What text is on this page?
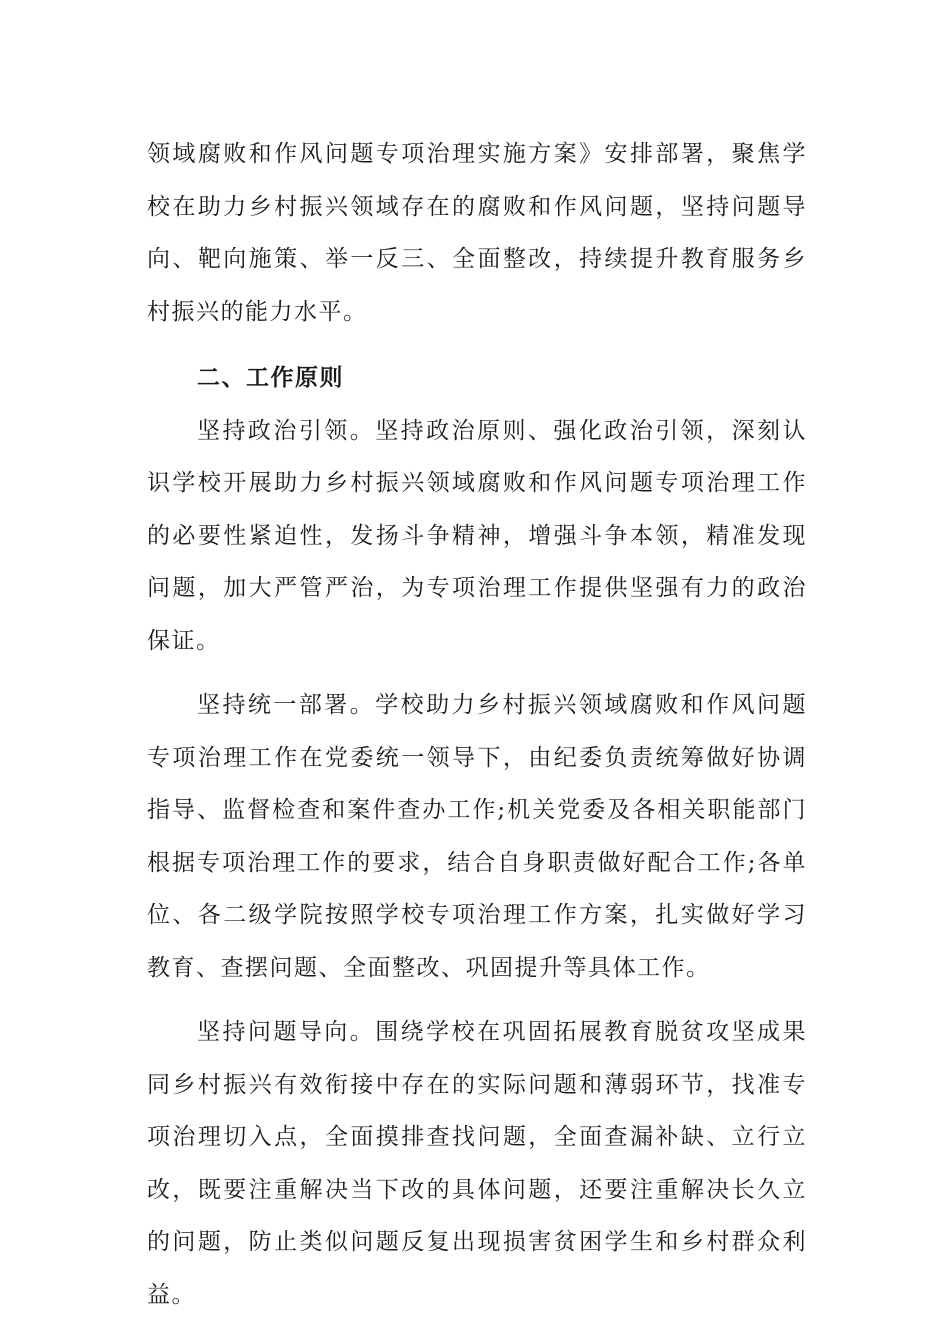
领域腐败和作风问题专项治理实施方案》安排部署，聚焦学校在助力乡村振兴领域存在的腐败和作风问题，坚持问题导向、靶向施策、举一反三、全面整改，持续提升教育服务乡村振兴的能力水平。

二、工作原则

坚持政治引领。坚持政治原则、强化政治引领，深刻认识学校开展助力乡村振兴领域腐败和作风问题专项治理工作的必要性紧迫性，发扬斗争精神，增强斗争本领，精准发现问题，加大严管严治，为专项治理工作提供坚强有力的政治保证。

坚持统一部署。学校助力乡村振兴领域腐败和作风问题专项治理工作在党委统一领导下，由纪委负责统筹做好协调指导、监督检查和案件查办工作;机关党委及各相关职能部门根据专项治理工作的要求，结合自身职责做好配合工作;各单位、各二级学院按照学校专项治理工作方案，扎实做好学习教育、查摆问题、全面整改、巩固提升等具体工作。

坚持问题导向。围绕学校在巩固拓展教育脱贫攻坚成果同乡村振兴有效衔接中存在的实际问题和薄弱环节，找准专项治理切入点，全面摸排查找问题，全面查漏补缺、立行立改，既要注重解决当下改的具体问题，还要注重解决长久立的问题，防止类似问题反复出现损害贫困学生和乡村群众利益。
